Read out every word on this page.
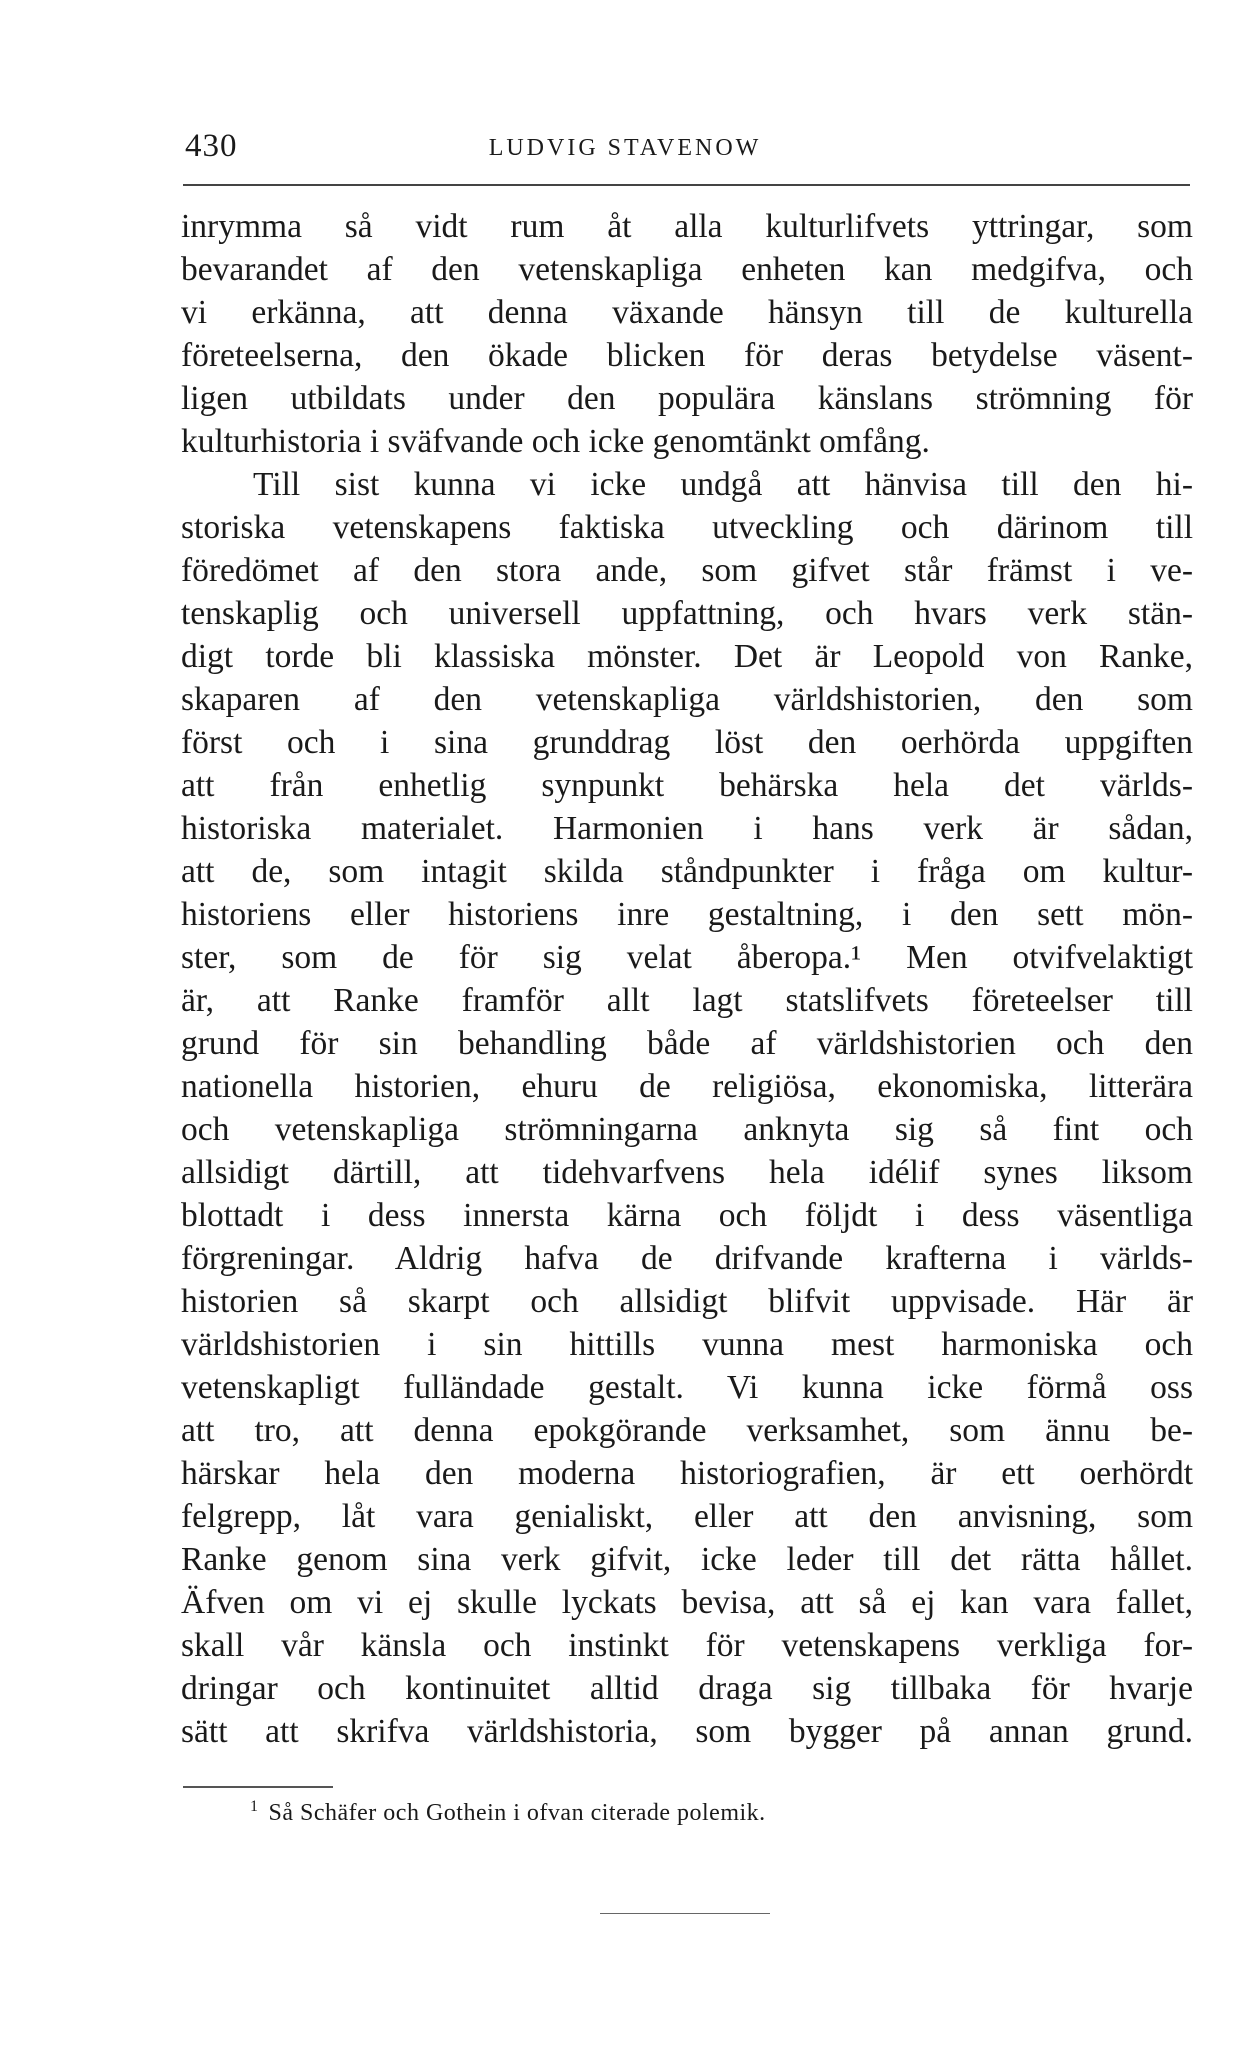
430	LUDVIG STAVENOW
inrymma så vidt rum åt alla kulturlifvets yttringar, som
bevarandet af den vetenskapliga enheten kan medgifva, och
vi erkänna, att denna växande hänsyn till de kulturella
företeelserna, den ökade blicken för deras betydelse väsent-
ligen utbildats under den populära känslans strömning för
kulturhistoria i sväfvande och icke genomtänkt omfång.
Till sist kunna vi icke undgå att hänvisa till den hi-
storiska vetenskapens faktiska utveckling och därinom till
föredömet af den stora ande, som gifvet står främst i ve-
tenskaplig och universell uppfattning, och hvars verk stän-
digt torde bli klassiska mönster. Det är Leopold von Ranke,
skaparen af den vetenskapliga världshistorien, den som
först och i sina grunddrag löst den oerhörda uppgiften
att från enhetlig synpunkt behärska hela det världs-
historiska materialet. Harmonien i hans verk är sådan,
att de, som intagit skilda ståndpunkter i fråga om kultur-
historiens eller historiens inre gestaltning, i den sett mön-
ster, som de för sig velat åberopa.¹ Men otvifvelaktigt
är, att Ranke framför allt lagt statslifvets företeelser till
grund för sin behandling både af världshistorien och den
nationella historien, ehuru de religiösa, ekonomiska, litterära
och vetenskapliga strömningarna anknyta sig så fint och
allsidigt därtill, att tidehvarfvens hela idélif synes liksom
blottadt i dess innersta kärna och följdt i dess väsentliga
förgreningar. Aldrig hafva de drifvande krafterna i världs-
historien så skarpt och allsidigt blifvit uppvisade. Här är
världshistorien i sin hittills vunna mest harmoniska och
vetenskapligt fulländade gestalt. Vi kunna icke förmå oss
att tro, att denna epokgörande verksamhet, som ännu be-
härskar hela den moderna historiografien, är ett oerhördt
felgrepp, låt vara genialiskt, eller att den anvisning, som
Ranke genom sina verk gifvit, icke leder till det rätta hållet.
Äfven om vi ej skulle lyckats bevisa, att så ej kan vara fallet,
skall vår känsla och instinkt för vetenskapens verkliga for-
dringar och kontinuitet alltid draga sig tillbaka för hvarje
sätt att skrifva världshistoria, som bygger på annan grund.
$^1$ Så Schäfer och Gothein i ofvan citerade polemik.
